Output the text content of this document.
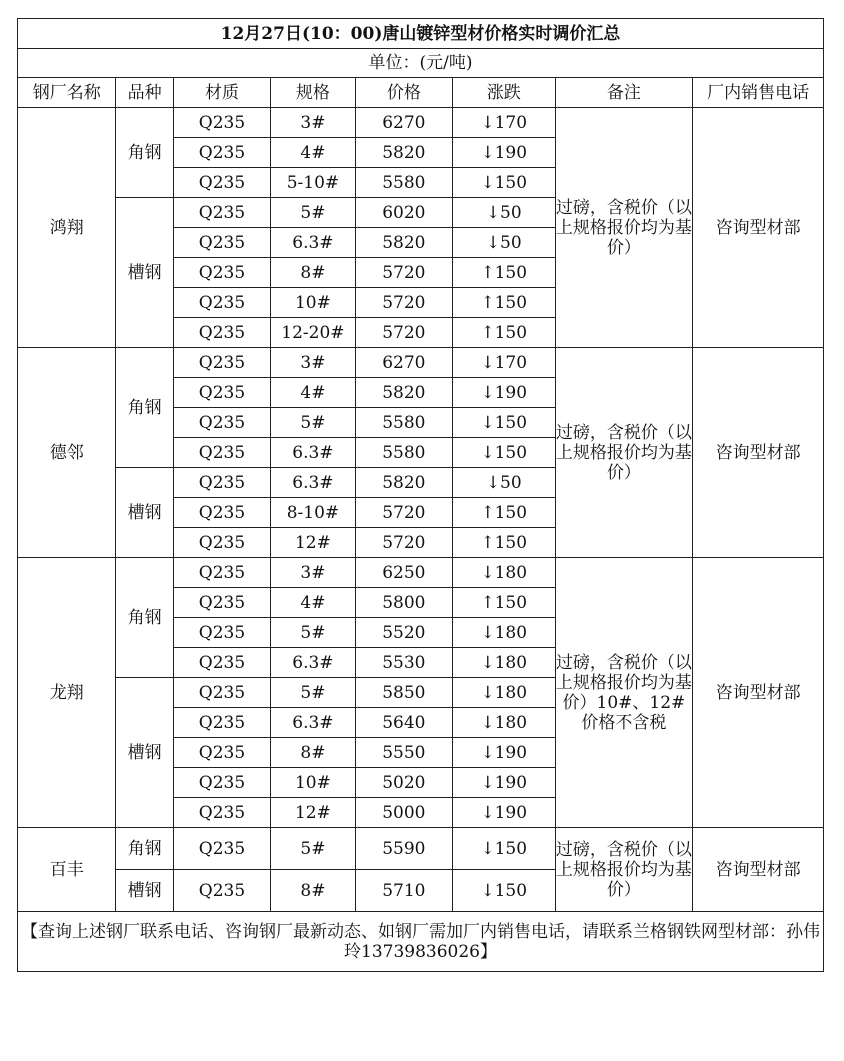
12月27日(10：00)唐山镀锌型材价格实时调价汇总							
单位：(元/吨)							
钢厂名称	品种	材质	规格	价格	涨跌	备注	厂内销售电话
鸿翔	角钢	Q235	3#	6270	↓170	过磅，含税价（以上规格报价均为基价）	咨询型材部
		Q235	4#	5820	↓190		
		Q235	5-10#	5580	↓150		
	槽钢	Q235	5#	6020	↓50		
		Q235	6.3#	5820	↓50		
		Q235	8#	5720	↑150		
		Q235	10#	5720	↑150		
		Q235	12-20#	5720	↑150		
德邻	角钢	Q235	3#	6270	↓170	过磅，含税价（以上规格报价均为基价）	咨询型材部
		Q235	4#	5820	↓190		
		Q235	5#	5580	↓150		
		Q235	6.3#	5580	↓150		
	槽钢	Q235	6.3#	5820	↓50		
		Q235	8-10#	5720	↑150		
		Q235	12#	5720	↑150		
龙翔	角钢	Q235	3#	6250	↓180	过磅，含税价（以上规格报价均为基价）10#、12#价格不含税	咨询型材部
		Q235	4#	5800	↑150		
		Q235	5#	5520	↓180		
		Q235	6.3#	5530	↓180		
	槽钢	Q235	5#	5850	↓180		
		Q235	6.3#	5640	↓180		
		Q235	8#	5550	↓190		
		Q235	10#	5020	↓190		
		Q235	12#	5000	↓190		
百丰	角钢	Q235	5#	5590	↓150	过磅，含税价（以上规格报价均为基价）	咨询型材部
	槽钢	Q235	8#	5710	↓150		
【查询上述钢厂联系电话、咨询钢厂最新动态、如钢厂需加厂内销售电话，请联系兰格钢铁网型材部：孙伟玲13739836026】							
